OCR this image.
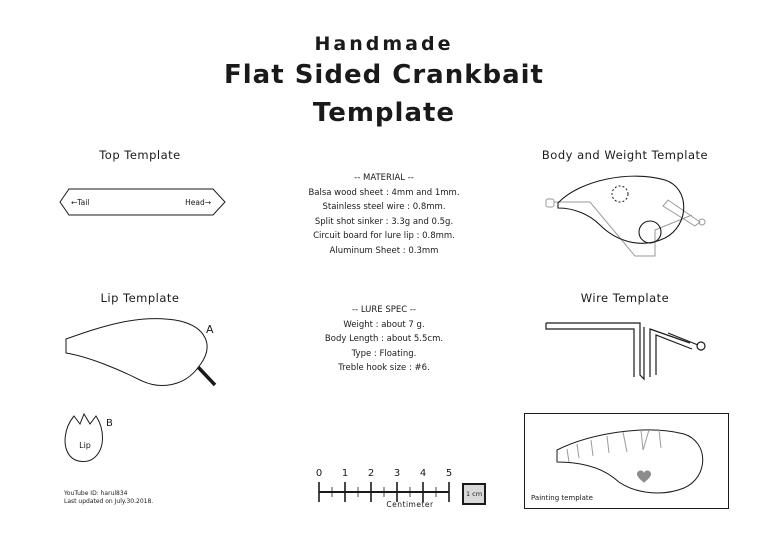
Handmade
Flat Sided Crankbait
Template
Top Template	Body and Weight Template
Lip Template	Wire Template
-- MATERIAL --
Balsa wood sheet : 4mm and 1mm.
Stainless steel wire : 0.8mm.
Split shot sinker : 3.3g and 0.5g.
Circuit board for lure lip : 0.8mm.
Aluminum Sheet : 0.3mm
-- LURE SPEC --
Weight : about 7 g.
Body Length : about 5.5cm.
Type : Floating.
Treble hook size : #6.
←Tail	Head→
A
Lip
B
Painting template
0 1 2 3 4 5
Centimeter
1 cm
YouTube ID: harul834
Last updated on July.30.2018.
